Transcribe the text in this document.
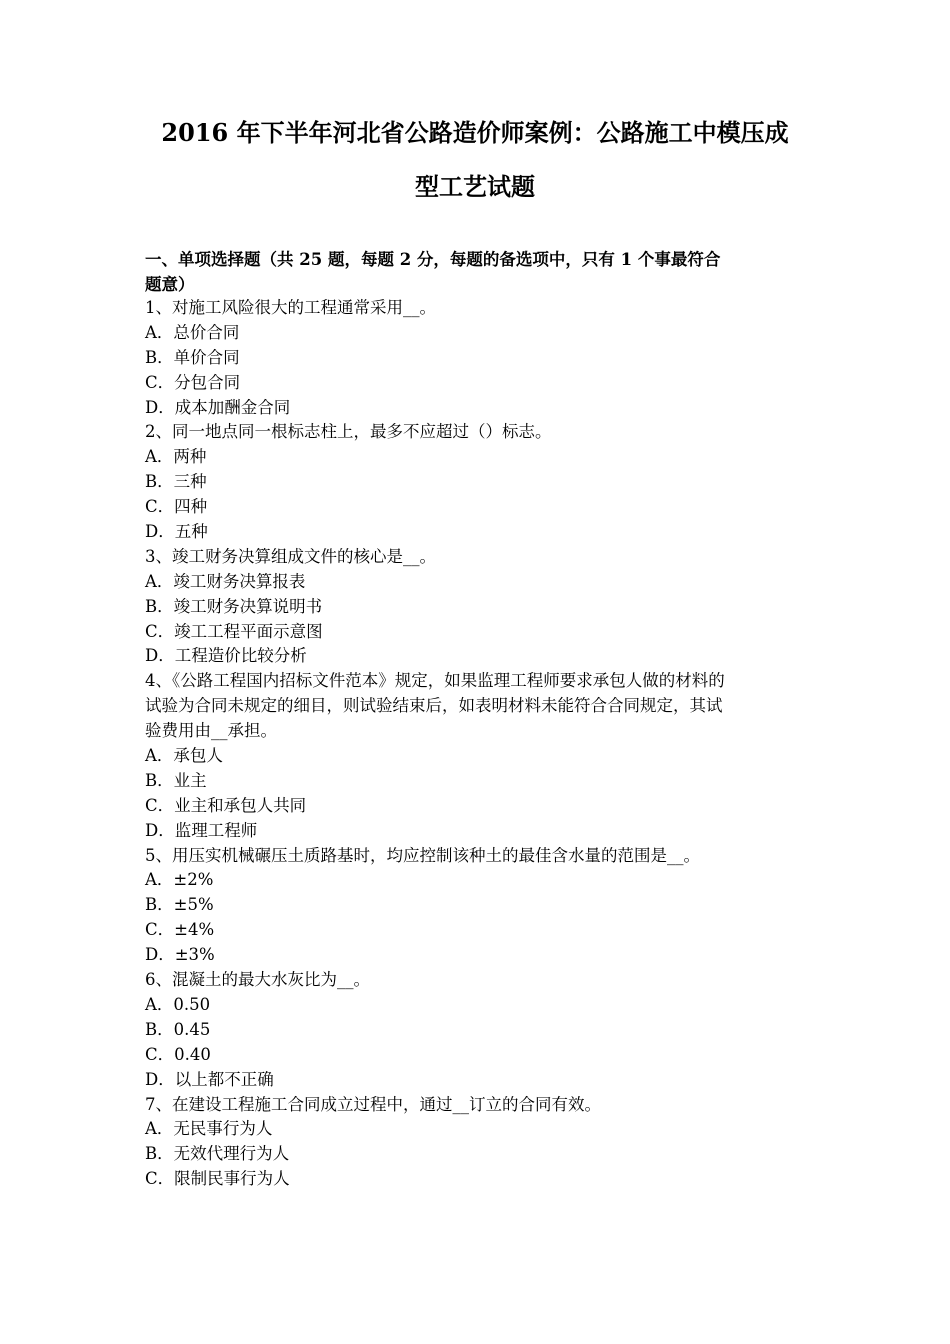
2016 年下半年河北省公路造价师案例：公路施工中模压成
型工艺试题
一、单项选择题（共 25 题，每题 2 分，每题的备选项中，只有 1 个事最符合
题意）
1、对施工风险很大的工程通常采用__。
A．总价合同
B．单价合同
C．分包合同
D．成本加酬金合同
2、同一地点同一根标志柱上，最多不应超过（）标志。
A．两种
B．三种
C．四种
D．五种
3、竣工财务决算组成文件的核心是__。
A．竣工财务决算报表
B．竣工财务决算说明书
C．竣工工程平面示意图
D．工程造价比较分析
4、《公路工程国内招标文件范本》规定，如果监理工程师要求承包人做的材料的
试验为合同未规定的细目，则试验结束后，如表明材料未能符合合同规定，其试
验费用由__承担。
A．承包人
B．业主
C．业主和承包人共同
D．监理工程师
5、用压实机械碾压土质路基时，均应控制该种土的最佳含水量的范围是__。
A．±2%
B．±5%
C．±4%
D．±3%
6、混凝土的最大水灰比为__。
A．0.50
B．0.45
C．0.40
D．以上都不正确
7、在建设工程施工合同成立过程中，通过__订立的合同有效。
A．无民事行为人
B．无效代理行为人
C．限制民事行为人
